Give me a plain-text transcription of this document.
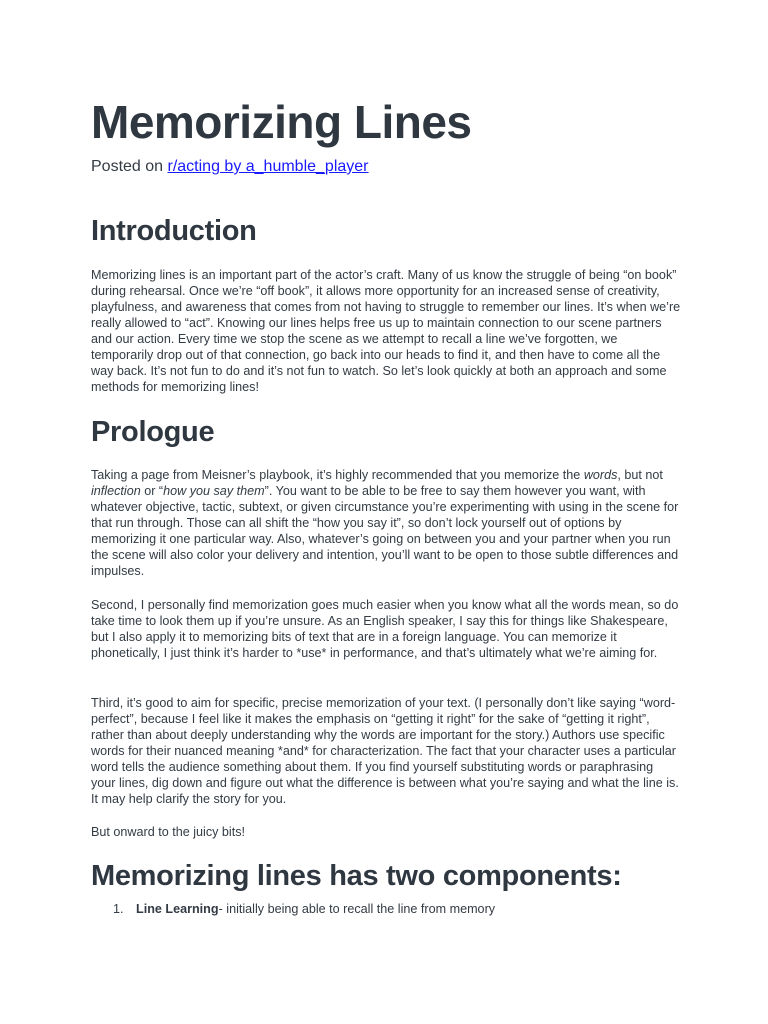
Memorizing Lines

Posted on r/acting by a_humble_player

Introduction

Memorizing lines is an important part of the actor’s craft. Many of us know the struggle of being “on book” during rehearsal. Once we’re “off book”, it allows more opportunity for an increased sense of creativity, playfulness, and awareness that comes from not having to struggle to remember our lines. It’s when we’re really allowed to “act”. Knowing our lines helps free us up to maintain connection to our scene partners and our action. Every time we stop the scene as we attempt to recall a line we’ve forgotten, we temporarily drop out of that connection, go back into our heads to find it, and then have to come all the way back. It’s not fun to do and it’s not fun to watch. So let’s look quickly at both an approach and some methods for memorizing lines!

Prologue

Taking a page from Meisner’s playbook, it’s highly recommended that you memorize the words, but not inflection or “how you say them”. You want to be able to be free to say them however you want, with whatever objective, tactic, subtext, or given circumstance you’re experimenting with using in the scene for that run through. Those can all shift the “how you say it”, so don’t lock yourself out of options by memorizing it one particular way. Also, whatever’s going on between you and your partner when you run the scene will also color your delivery and intention, you’ll want to be open to those subtle differences and impulses.

Second, I personally find memorization goes much easier when you know what all the words mean, so do take time to look them up if you’re unsure. As an English speaker, I say this for things like Shakespeare, but I also apply it to memorizing bits of text that are in a foreign language. You can memorize it phonetically, I just think it’s harder to *use* in performance, and that’s ultimately what we’re aiming for.

Third, it’s good to aim for specific, precise memorization of your text. (I personally don’t like saying “word-perfect”, because I feel like it makes the emphasis on “getting it right” for the sake of “getting it right”, rather than about deeply understanding why the words are important for the story.) Authors use specific words for their nuanced meaning *and* for characterization. The fact that your character uses a particular word tells the audience something about them. If you find yourself substituting words or paraphrasing your lines, dig down and figure out what the difference is between what you’re saying and what the line is. It may help clarify the story for you.

But onward to the juicy bits!

Memorizing lines has two components:
1. Line Learning- initially being able to recall the line from memory
